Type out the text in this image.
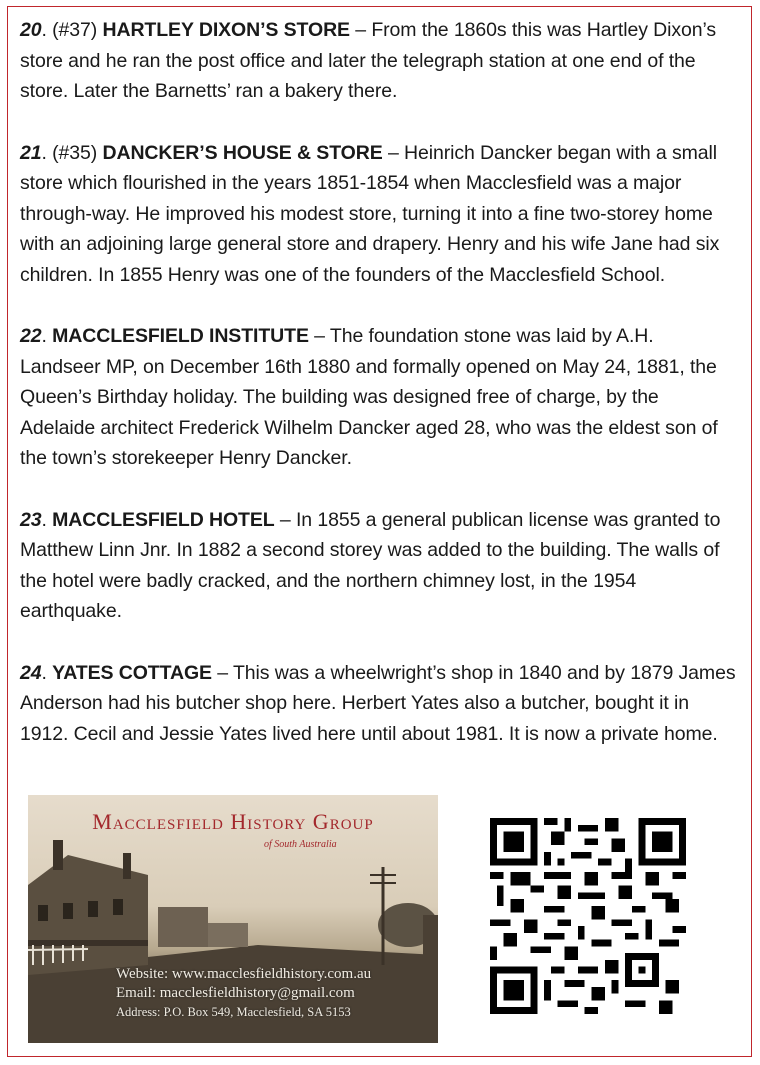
20. (#37) HARTLEY DIXON’S STORE – From the 1860s this was Hartley Dixon’s store and he ran the post office and later the telegraph station at one end of the store. Later the Barnetts’ ran a bakery there.

21. (#35) DANCKER’S HOUSE & STORE – Heinrich Dancker began with a small store which flourished in the years 1851-1854 when Macclesfield was a major through-way. He improved his modest store, turning it into a fine two-storey home with an adjoining large general store and drapery. Henry and his wife Jane had six children. In 1855 Henry was one of the founders of the Macclesfield School.

22. MACCLESFIELD INSTITUTE – The foundation stone was laid by A.H. Landseer MP, on December 16th 1880 and formally opened on May 24, 1881, the Queen’s Birthday holiday. The building was designed free of charge, by the Adelaide architect Frederick Wilhelm Dancker aged 28, who was the eldest son of the town’s storekeeper Henry Dancker.

23. MACCLESFIELD HOTEL – In 1855 a general publican license was granted to Matthew Linn Jnr. In 1882 a second storey was added to the building. The walls of the hotel were badly cracked, and the northern chimney lost, in the 1954 earthquake.

24. YATES COTTAGE – This was a wheelwright’s shop in 1840 and by 1879 James Anderson had his butcher shop here. Herbert Yates also a butcher, bought it in 1912. Cecil and Jessie Yates lived here until about 1981. It is now a private home.

Macclesfield History Group
of South Australia
Website: www.macclesfieldhistory.com.au
Email: macclesfieldhistory@gmail.com
Address: P.O. Box 549, Macclesfield, SA 5153
